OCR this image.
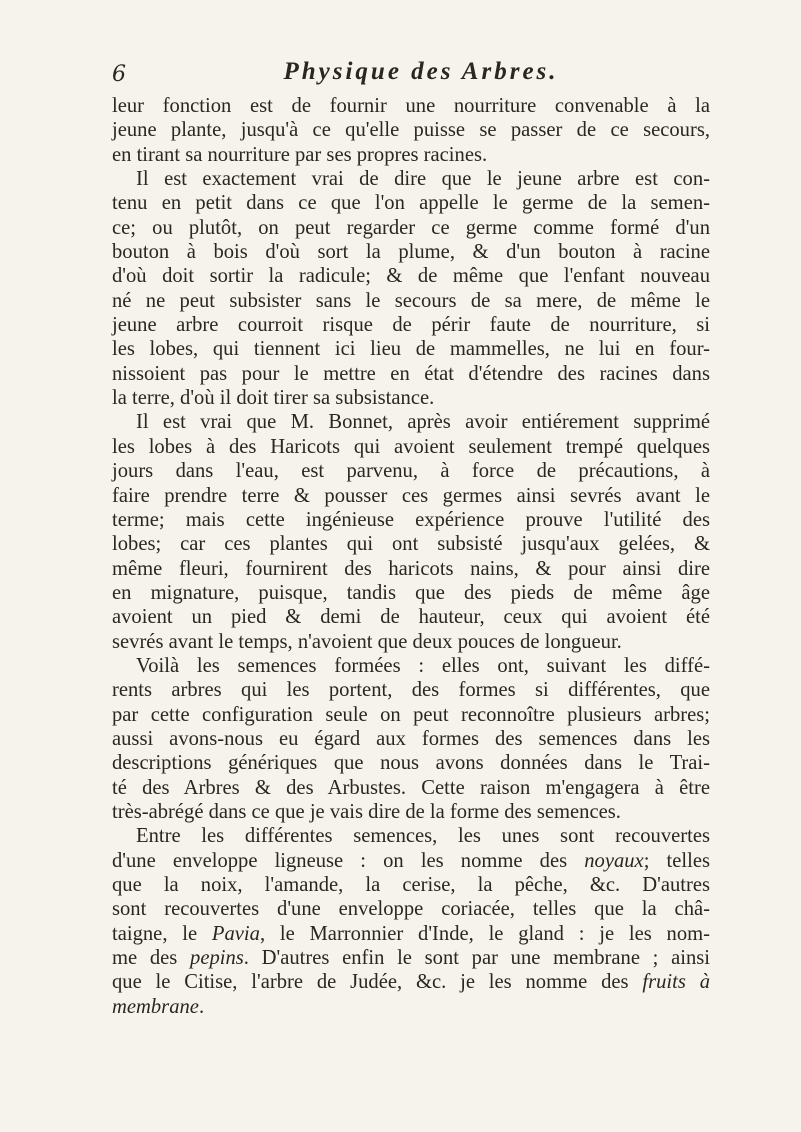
6	Physique des Arbres.
leur fonction est de fournir une nourriture convenable à la
jeune plante, jusqu'à ce qu'elle puisse se passer de ce secours,
en tirant sa nourriture par ses propres racines.
Il est exactement vrai de dire que le jeune arbre est con-
tenu en petit dans ce que l'on appelle le germe de la semen-
ce; ou plutôt, on peut regarder ce germe comme formé d'un
bouton à bois d'où sort la plume, & d'un bouton à racine
d'où doit sortir la radicule; & de même que l'enfant nouveau
né ne peut subsister sans le secours de sa mere, de même le
jeune arbre courroit risque de périr faute de nourriture, si
les lobes, qui tiennent ici lieu de mammelles, ne lui en four-
nissoient pas pour le mettre en état d'étendre des racines dans
la terre, d'où il doit tirer sa subsistance.
Il est vrai que M. Bonnet, après avoir entiérement supprimé
les lobes à des Haricots qui avoient seulement trempé quelques
jours dans l'eau, est parvenu, à force de précautions, à
faire prendre terre & pousser ces germes ainsi sevrés avant le
terme; mais cette ingénieuse expérience prouve l'utilité des
lobes; car ces plantes qui ont subsisté jusqu'aux gelées, &
même fleuri, fournirent des haricots nains, & pour ainsi dire
en mignature, puisque, tandis que des pieds de même âge
avoient un pied & demi de hauteur, ceux qui avoient été
sevrés avant le temps, n'avoient que deux pouces de longueur.
Voilà les semences formées : elles ont, suivant les diffé-
rents arbres qui les portent, des formes si différentes, que
par cette configuration seule on peut reconnoître plusieurs arbres;
aussi avons-nous eu égard aux formes des semences dans les
descriptions génériques que nous avons données dans le Trai-
té des Arbres & des Arbustes. Cette raison m'engagera à être
très-abrégé dans ce que je vais dire de la forme des semences.
Entre les différentes semences, les unes sont recouvertes
d'une enveloppe ligneuse : on les nomme des noyaux; telles
que la noix, l'amande, la cerise, la pêche, &c. D'autres
sont recouvertes d'une enveloppe coriacée, telles que la châ-
taigne, le Pavia, le Marronnier d'Inde, le gland : je les nom-
me des pepins. D'autres enfin le sont par une membrane ; ainsi
que le Citise, l'arbre de Judée, &c. je les nomme des fruits à
membrane.
